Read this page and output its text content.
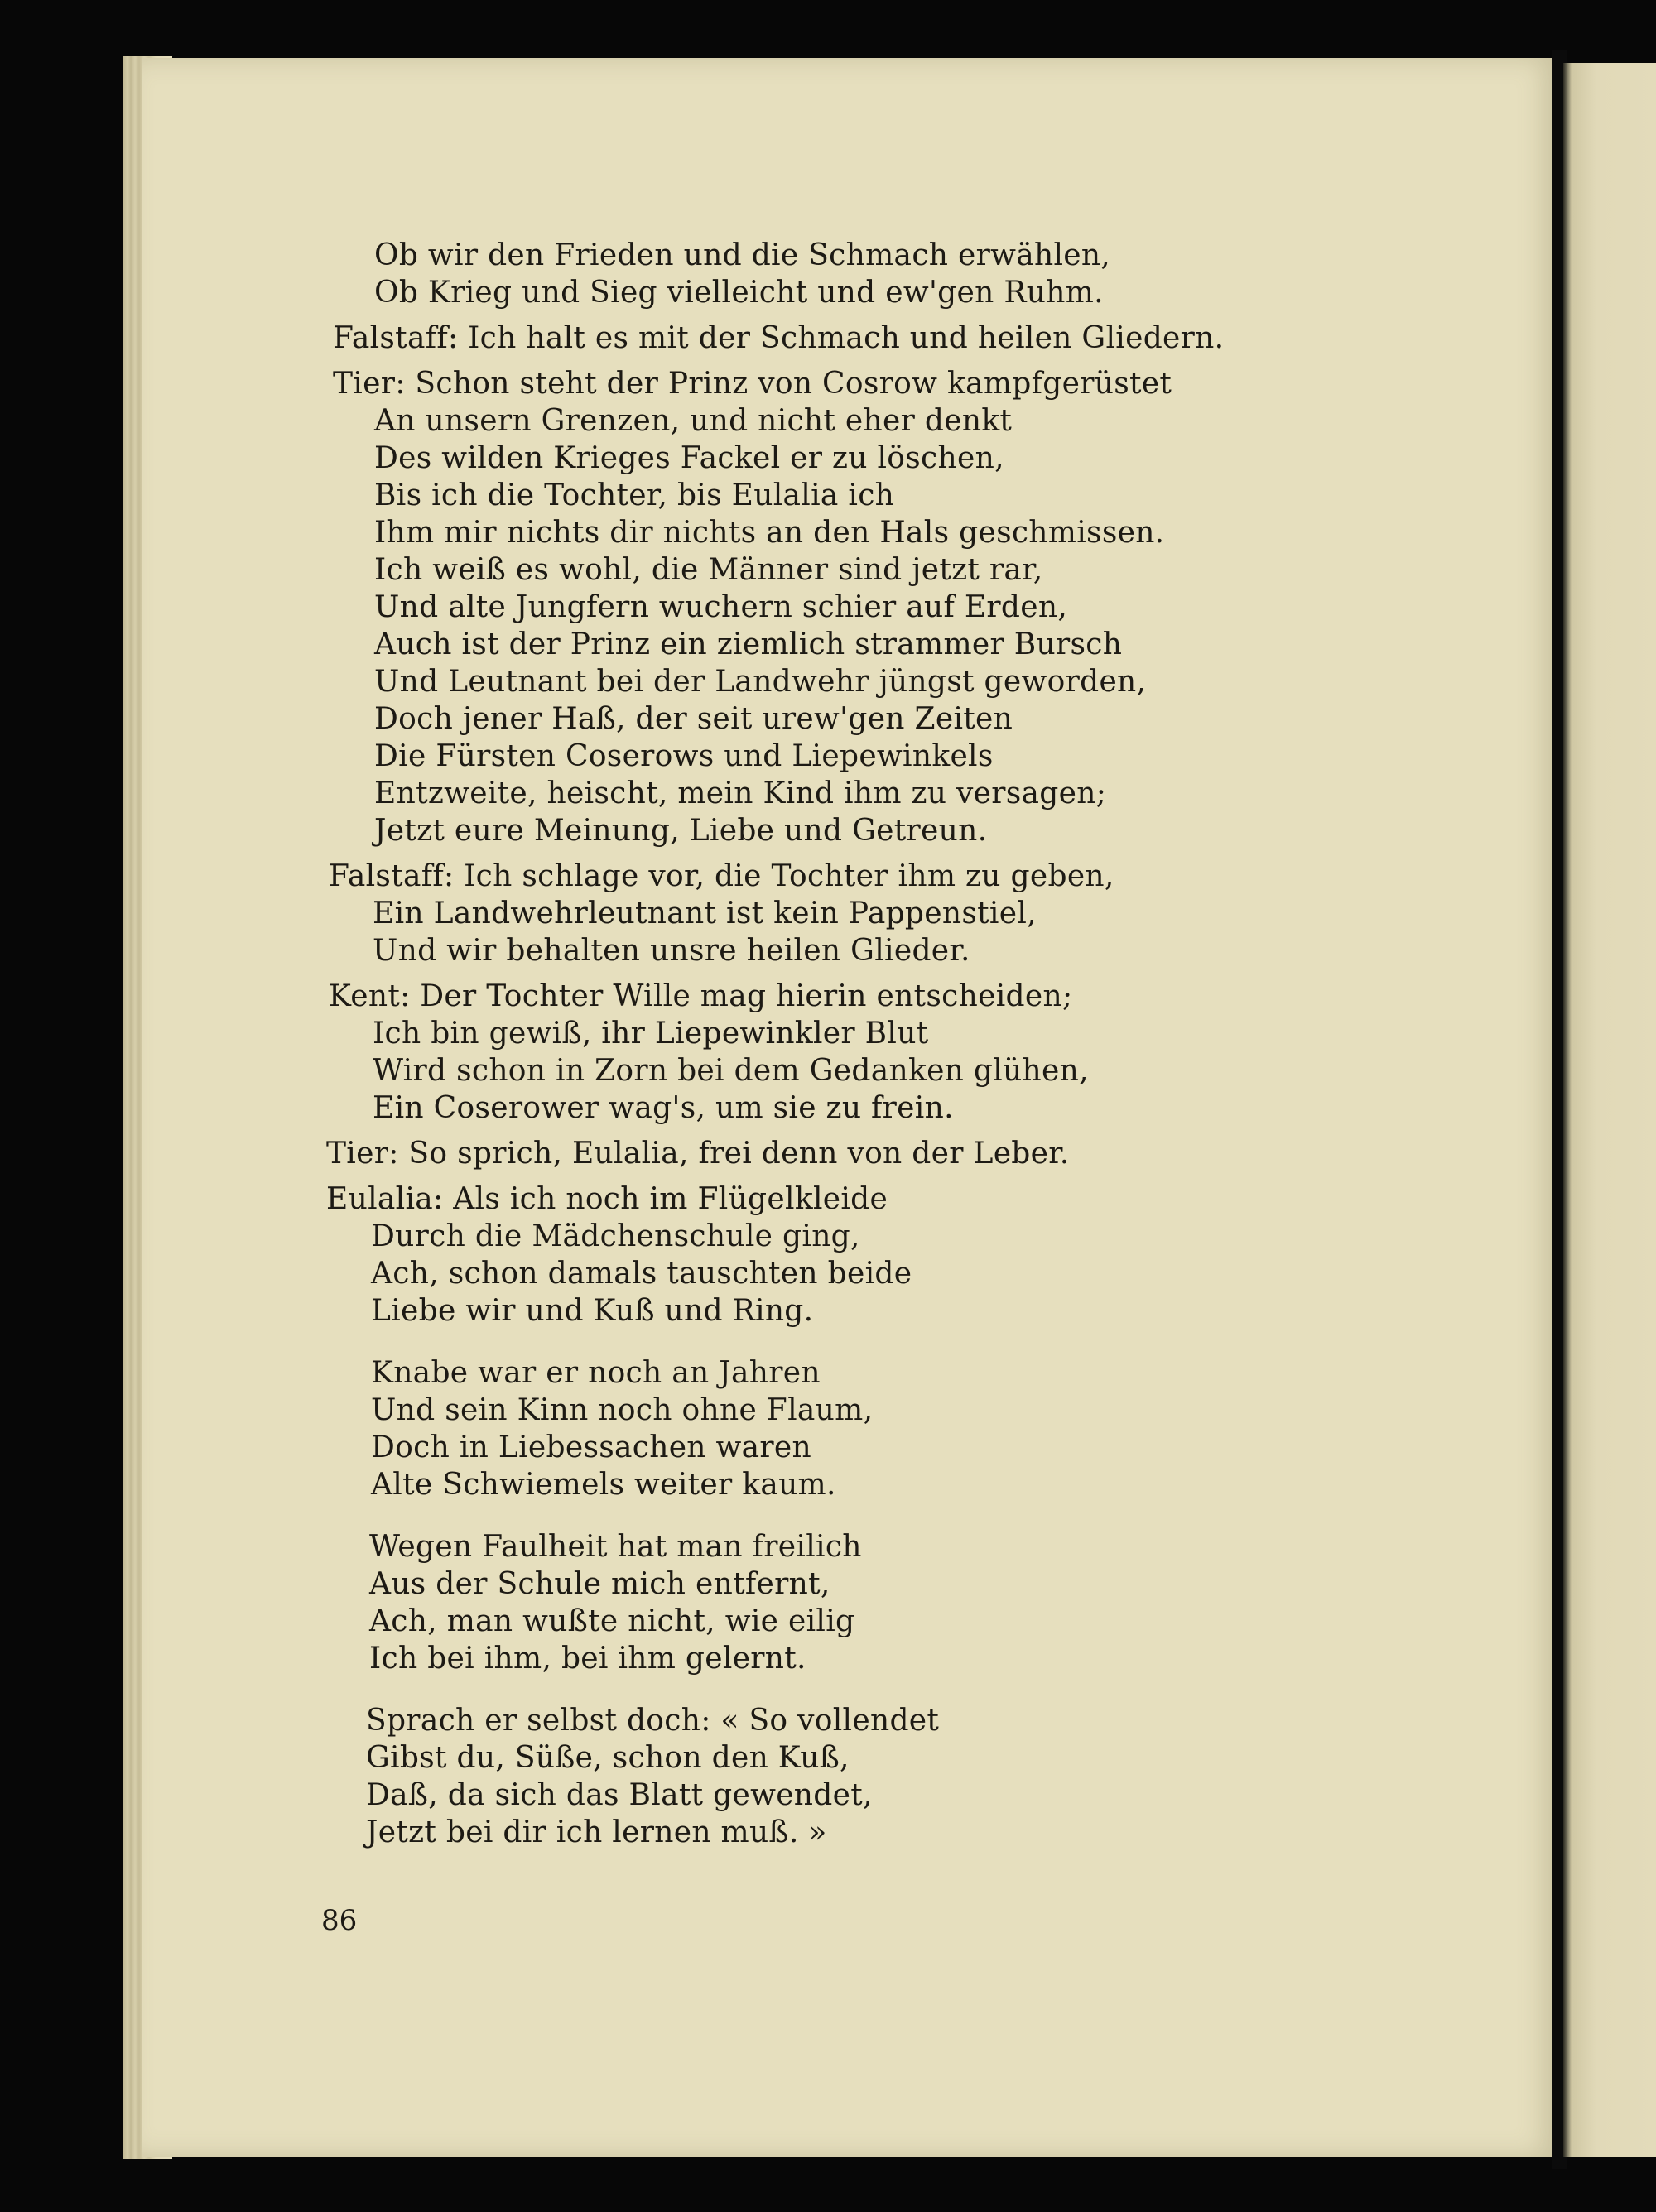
Ob wir den Frieden und die Schmach erwählen,
Ob Krieg und Sieg vielleicht und ew'gen Ruhm.
Falstaff: Ich halt es mit der Schmach und heilen Gliedern.
Tier: Schon steht der Prinz von Cosrow kampfgerüstet
An unsern Grenzen, und nicht eher denkt
Des wilden Krieges Fackel er zu löschen,
Bis ich die Tochter, bis Eulalia ich
Ihm mir nichts dir nichts an den Hals geschmissen.
Ich weiß es wohl, die Männer sind jetzt rar,
Und alte Jungfern wuchern schier auf Erden,
Auch ist der Prinz ein ziemlich strammer Bursch
Und Leutnant bei der Landwehr jüngst geworden,
Doch jener Haß, der seit urew'gen Zeiten
Die Fürsten Coserows und Liepewinkels
Entzweite, heischt, mein Kind ihm zu versagen;
Jetzt eure Meinung, Liebe und Getreun.
Falstaff: Ich schlage vor, die Tochter ihm zu geben,
Ein Landwehrleutnant ist kein Pappenstiel,
Und wir behalten unsre heilen Glieder.
Kent: Der Tochter Wille mag hierin entscheiden;
Ich bin gewiß, ihr Liepewinkler Blut
Wird schon in Zorn bei dem Gedanken glühen,
Ein Coserower wag's, um sie zu frein.
Tier: So sprich, Eulalia, frei denn von der Leber.
Eulalia: Als ich noch im Flügelkleide
Durch die Mädchenschule ging,
Ach, schon damals tauschten beide
Liebe wir und Kuß und Ring.
Knabe war er noch an Jahren
Und sein Kinn noch ohne Flaum,
Doch in Liebessachen waren
Alte Schwiemels weiter kaum.
Wegen Faulheit hat man freilich
Aus der Schule mich entfernt,
Ach, man wußte nicht, wie eilig
Ich bei ihm, bei ihm gelernt.
Sprach er selbst doch: « So vollendet
Gibst du, Süße, schon den Kuß,
Daß, da sich das Blatt gewendet,
Jetzt bei dir ich lernen muß. »
86
